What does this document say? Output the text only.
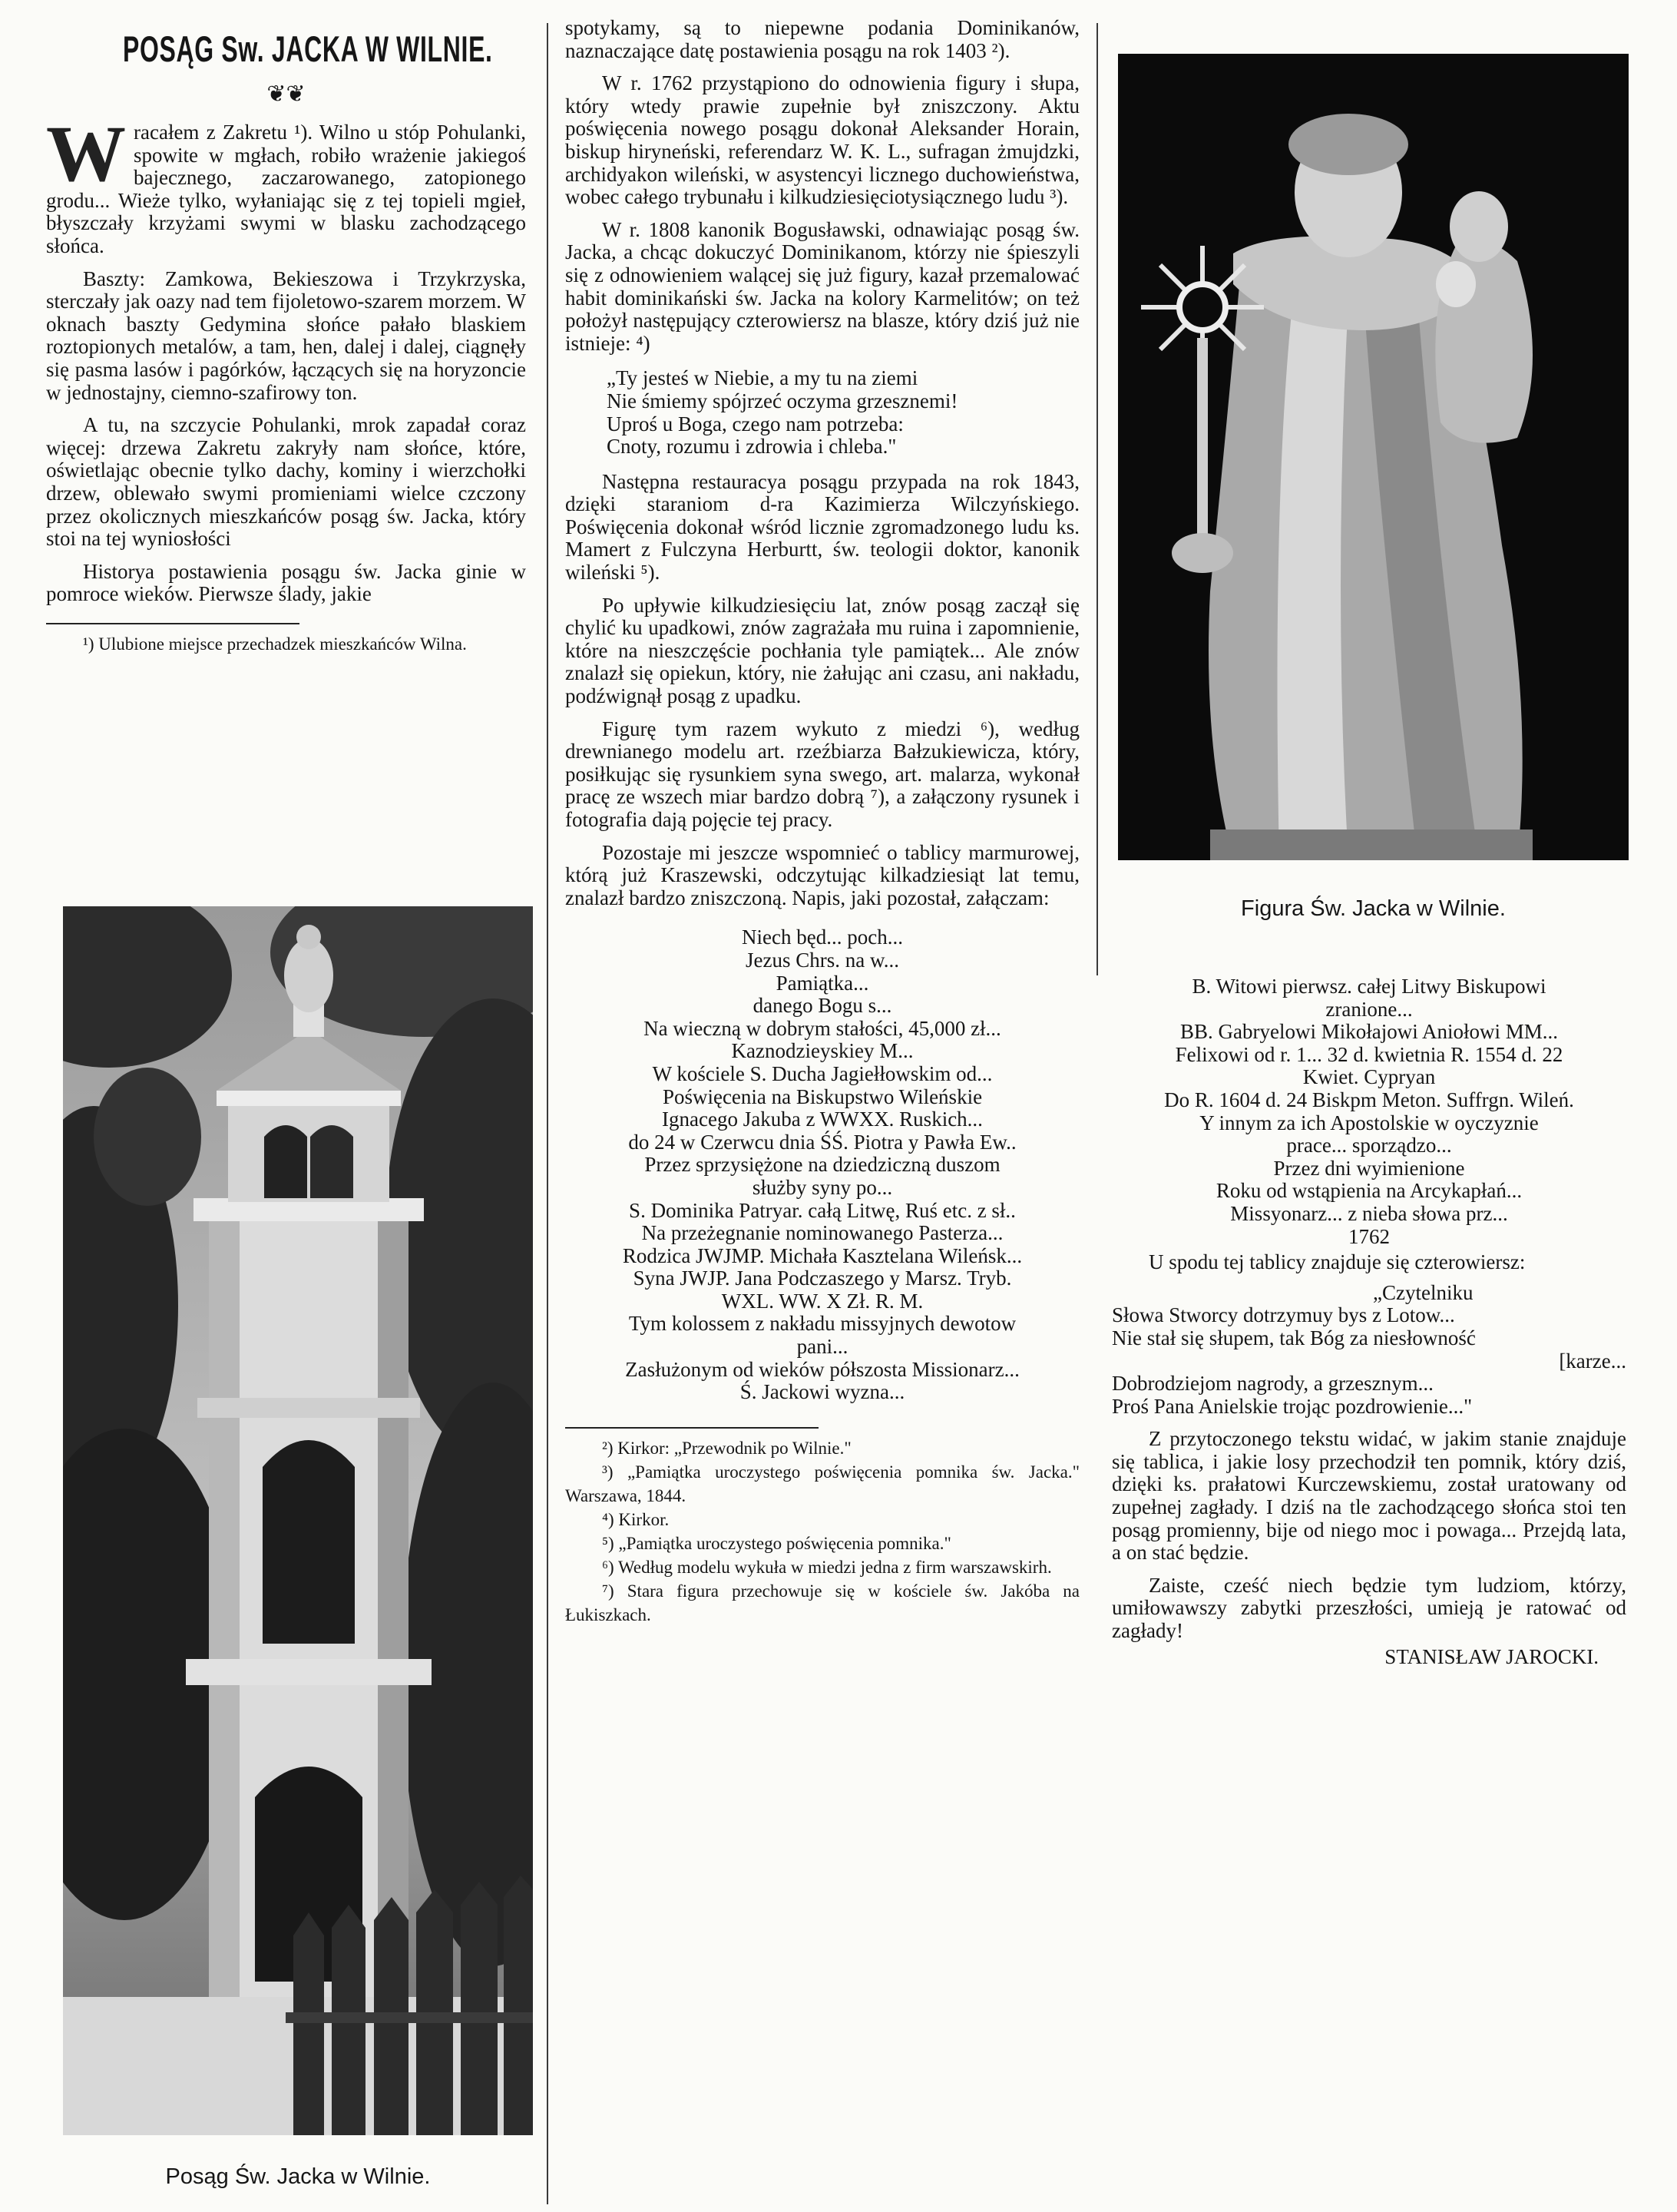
POSĄG Sw. JACKA W WILNIE.
❦❦

Wracałem z Zakretu ¹). Wilno u stóp Pohulanki, spowite w mgłach, robiło wrażenie jakiegoś bajecznego, zaczarowanego, zatopionego grodu... Wieże tylko, wyłaniając się z tej topieli mgieł, błyszczały krzyżami swymi w blasku zachodzącego słońca.

Baszty: Zamkowa, Bekieszowa i Trzykrzyska, sterczały jak oazy nad tem fijoletowo-szarem morzem. W oknach baszty Gedymina słońce pałało blaskiem roztopionych metalów, a tam, hen, dalej i dalej, ciągnęły się pasma lasów i pagórków, łączących się na horyzoncie w jednostajny, ciemno-szafirowy ton.

A tu, na szczycie Pohulanki, mrok zapadał coraz więcej: drzewa Zakretu zakryły nam słońce, które, oświetlając obecnie tylko dachy, kominy i wierzchołki drzew, oblewało swymi promieniami wielce czczony przez okolicznych mieszkańców posąg św. Jacka, który stoi na tej wyniosłości

Historya postawienia posągu św. Jacka ginie w pomroce wieków. Pierwsze ślady, jakie

¹) Ulubione miejsce przechadzek mieszkańców Wilna.

Posąg Św. Jacka w Wilnie.

spotykamy, są to niepewne podania Dominikanów, naznaczające datę postawienia posągu na rok 1403 ²).

W r. 1762 przystąpiono do odnowienia figury i słupa, który wtedy prawie zupełnie był zniszczony. Aktu poświęcenia nowego posągu dokonał Aleksander Horain, biskup hiryneński, referendarz W. K. L., sufragan żmujdzki, archidyakon wileński, w asystencyi licznego duchowieństwa, wobec całego trybunału i kilkudziesięciotysiącznego ludu ³).

W r. 1808 kanonik Bogusławski, odnawiając posąg św. Jacka, a chcąc dokuczyć Dominikanom, którzy nie śpieszyli się z odnowieniem walącej się już figury, kazał przemalować habit dominikański św. Jacka na kolory Karmelitów; on też położył następujący czterowiersz na blasze, który dziś już nie istnieje: ⁴)

„Ty jesteś w Niebie, a my tu na ziemi

Nie śmiemy spójrzeć oczyma grzesznemi!

Uproś u Boga, czego nam potrzeba:

Cnoty, rozumu i zdrowia i chleba."

Następna restauracya posągu przypada na rok 1843, dzięki staraniom d-ra Kazimierza Wilczyńskiego. Poświęcenia dokonał wśród licznie zgromadzonego ludu ks. Mamert z Fulczyna Herburtt, św. teologii doktor, kanonik wileński ⁵).

Po upływie kilkudziesięciu lat, znów posąg zaczął się chylić ku upadkowi, znów zagrażała mu ruina i zapomnienie, które na nieszczęście pochłania tyle pamiątek... Ale znów znalazł się opiekun, który, nie żałując ani czasu, ani nakładu, podźwignął posąg z upadku.

Figurę tym razem wykuto z miedzi ⁶), według drewnianego modelu art. rzeźbiarza Bałzukiewicza, który, posiłkując się rysunkiem syna swego, art. malarza, wykonał pracę ze wszech miar bardzo dobrą ⁷), a załączony rysunek i fotografia dają pojęcie tej pracy.

Pozostaje mi jeszcze wspomnieć o tablicy marmurowej, którą już Kraszewski, odczytując kilkadziesiąt lat temu, znalazł bardzo zniszczoną. Napis, jaki pozostał, załączam:

Niech będ... poch...

Jezus Chrs. na w...

Pamiątka...

danego Bogu s...

Na wieczną w dobrym stałości, 45,000 zł...

Kaznodzieyskiey M...

W kościele S. Ducha Jagiełłowskim od...

Poświęcenia na Biskupstwo Wileńskie

Ignacego Jakuba z WWXX. Ruskich...

do 24 w Czerwcu dnia ŚŚ. Piotra y Pawła Ew..

Przez sprzysiężone na dziedziczną duszom

służby syny po...

S. Dominika Patryar. całą Litwę, Ruś etc. z sł..

Na przeżegnanie nominowanego Pasterza...

Rodzica JWJMP. Michała Kasztelana Wileńsk...

Syna JWJP. Jana Podczaszego y Marsz. Tryb.

WXL. WW. X Zł. R. M.

Tym kolossem z nakładu missyjnych dewotow

pani...

Zasłużonym od wieków półszosta Missionarz...

Ś. Jackowi wyzna...

²) Kirkor: „Przewodnik po Wilnie."

³) „Pamiątka uroczystego poświęcenia pomnika św. Jacka." Warszawa, 1844.

⁴) Kirkor.

⁵) „Pamiątka uroczystego poświęcenia pomnika."

⁶) Według modelu wykuła w miedzi jedna z firm warszawskirh.

⁷) Stara figura przechowuje się w kościele św. Jakóba na Łukiszkach.

Figura Św. Jacka w Wilnie.

B. Witowi pierwsz. całej Litwy Biskupowi

zranione...

BB. Gabryelowi Mikołajowi Aniołowi MM...

Felixowi od r. 1... 32 d. kwietnia R. 1554 d. 22

Kwiet. Cypryan

Do R. 1604 d. 24 Biskpm Meton. Suffrgn. Wileń.

Y innym za ich Apostolskie w oyczyznie

prace... sporządzo...

Przez dni wyimienione

Roku od wstąpienia na Arcykapłań...

Missyonarz... z nieba słowa prz...

1762

U spodu tej tablicy znajduje się czterowiersz:

„Czytelniku

Słowa Stworcy dotrzymuy bys z Lotow...

Nie stał się słupem, tak Bóg za niesłowność

[karze...

Dobrodziejom nagrody, a grzesznym...

Proś Pana Anielskie trojąc pozdrowienie..."

Z przytoczonego tekstu widać, w jakim stanie znajduje się tablica, i jakie losy przechodził ten pomnik, który dziś, dzięki ks. prałatowi Kurczewskiemu, został uratowany od zupełnej zagłady. I dziś na tle zachodzącego słońca stoi ten posąg promienny, bije od niego moc i powaga... Przejdą lata, a on stać będzie.

Zaiste, cześć niech będzie tym ludziom, którzy, umiłowawszy zabytki przeszłości, umieją je ratować od zagłady!

STANISŁAW JAROCKI.
